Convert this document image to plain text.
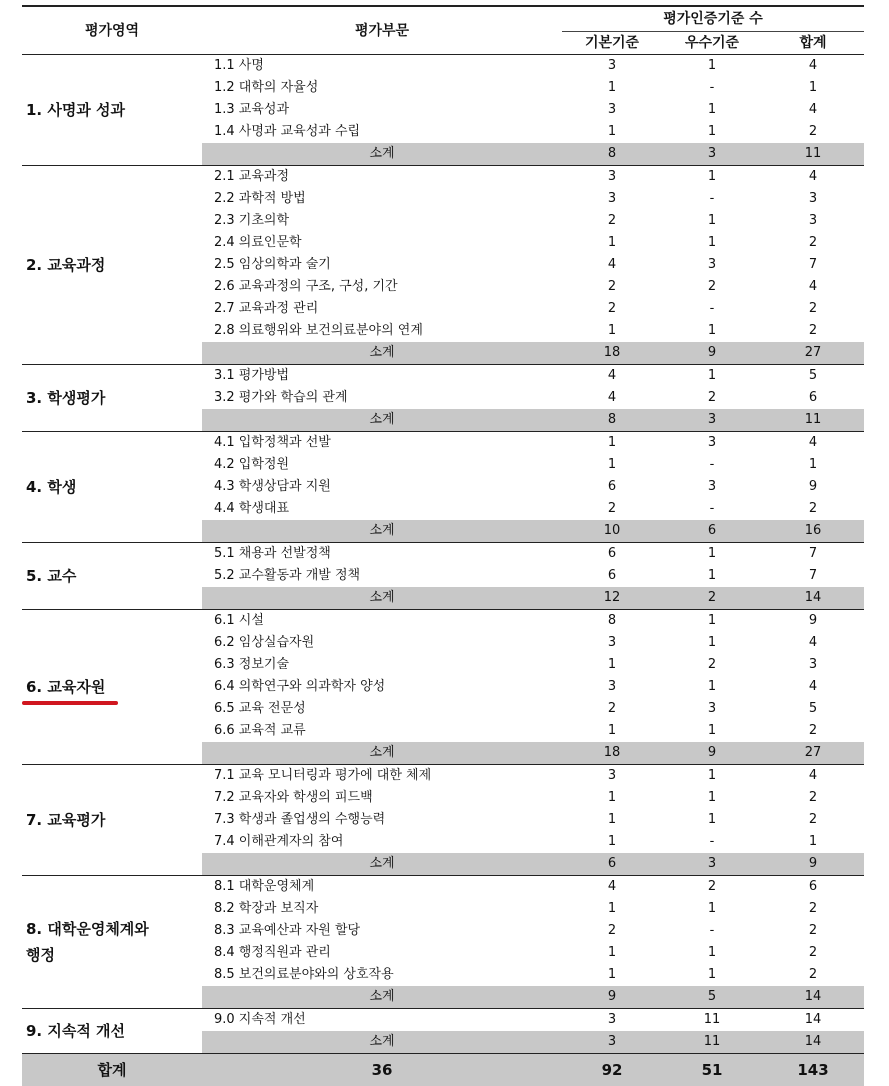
평가영역	평가부문	평가인증기준 수		
		기본기준	우수기준	합계

1. 사명과 성과	1.1 사명	3	1	4
	1.2 대학의 자율성	1	-	1
	1.3 교육성과	3	1	4
	1.4 사명과 교육성과 수립	1	1	2
	소계	8	3	11

2. 교육과정	2.1 교육과정	3	1	4
	2.2 과학적 방법	3	-	3
	2.3 기초의학	2	1	3
	2.4 의료인문학	1	1	2
	2.5 임상의학과 술기	4	3	7
	2.6 교육과정의 구조, 구성, 기간	2	2	4
	2.7 교육과정 관리	2	-	2
	2.8 의료행위와 보건의료분야의 연계	1	1	2
	소계	18	9	27

3. 학생평가	3.1 평가방법	4	1	5
	3.2 평가와 학습의 관계	4	2	6
	소계	8	3	11

4. 학생	4.1 입학정책과 선발	1	3	4
	4.2 입학정원	1	-	1
	4.3 학생상담과 지원	6	3	9
	4.4 학생대표	2	-	2
	소계	10	6	16

5. 교수	5.1 채용과 선발정책	6	1	7
	5.2 교수활동과 개발 정책	6	1	7
	소계	12	2	14

6. 교육자원	6.1 시설	8	1	9
	6.2 임상실습자원	3	1	4
	6.3 정보기술	1	2	3
	6.4 의학연구와 의과학자 양성	3	1	4
	6.5 교육 전문성	2	3	5
	6.6 교육적 교류	1	1	2
	소계	18	9	27

7. 교육평가	7.1 교육 모니터링과 평가에 대한 체제	3	1	4
	7.2 교육자와 학생의 피드백	1	1	2
	7.3 학생과 졸업생의 수행능력	1	1	2
	7.4 이해관계자의 참여	1	-	1
	소계	6	3	9

8. 대학운영체계와
행정	8.1 대학운영체계	4	2	6
	8.2 학장과 보직자	1	1	2
	8.3 교육예산과 자원 할당	2	-	2
	8.4 행정직원과 관리	1	1	2
	8.5 보건의료분야와의 상호작용	1	1	2
	소계	9	5	14

9. 지속적 개선	9.0 지속적 개선	3	11	14
	소계	3	11	14
합계	36	92	51	143
